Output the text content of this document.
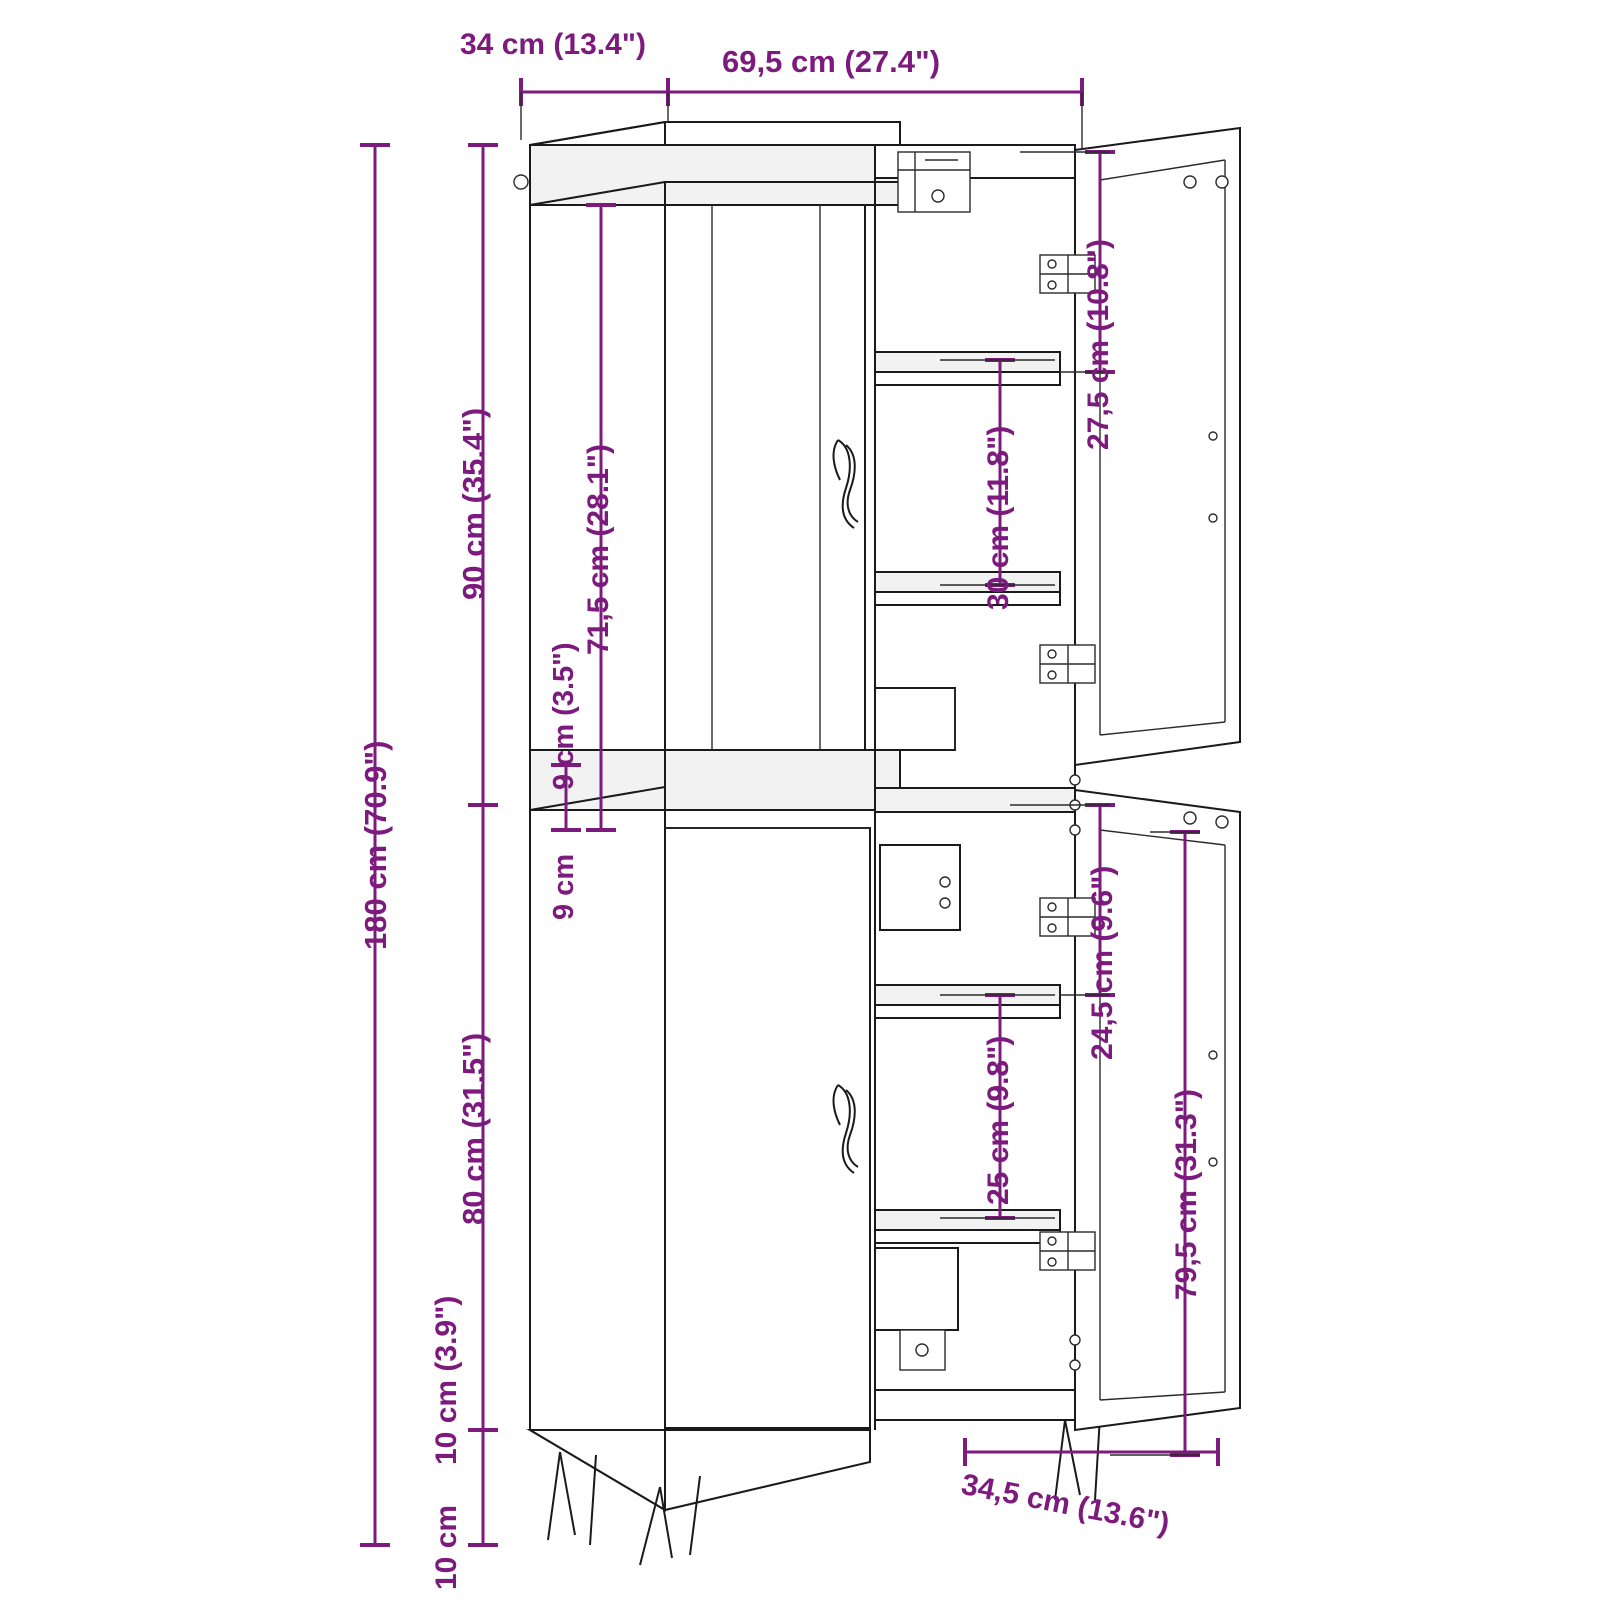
34 cm (13.4") 69,5 cm (27.4")
90 cm (35.4")
180 cm (70.9")
71,5 cm (28.1")
9 cm (3.5")
9 cm
30 cm (11.8")
27,5 cm (10.8")
80 cm (31.5")
10 cm (3.9")
10 cm
25 cm (9.8")
24,5 cm (9.6")
79,5 cm (31.3")
34,5 cm (13.6")
